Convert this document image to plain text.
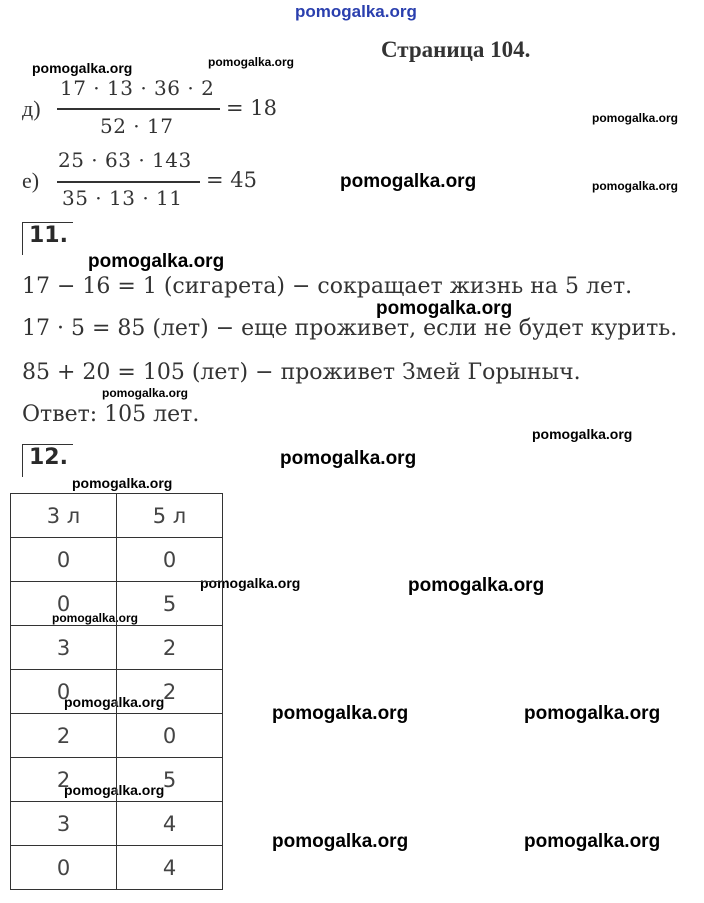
pomogalka.org
pomogalka.org	pomogalka.org
pomogalka.org
pomogalka.org	pomogalka.org
pomogalka.org
pomogalka.org
pomogalka.org
pomogalka.org
pomogalka.org
pomogalka.org
pomogalka.org	pomogalka.org
pomogalka.org
pomogalka.org
pomogalka.org	pomogalka.org
pomogalka.org
pomogalka.org	pomogalka.org
Страница 104.
д)
17 · 13 · 36 · 2
52 · 17
= 18
е)
25 · 63 · 143
35 · 13 · 11
= 45
11.
17 − 16 = 1 (сигарета) − сокращает жизнь на 5 лет.
17 · 5 = 85 (лет) − еще проживет, если не будет курить.
85 + 20 = 105 (лет) − проживет Змей Горыныч.
Ответ: 105 лет.
12.
3 л	5 л
0	0
0	5
3	2
0	2
2	0
2	5
3	4
0	4
